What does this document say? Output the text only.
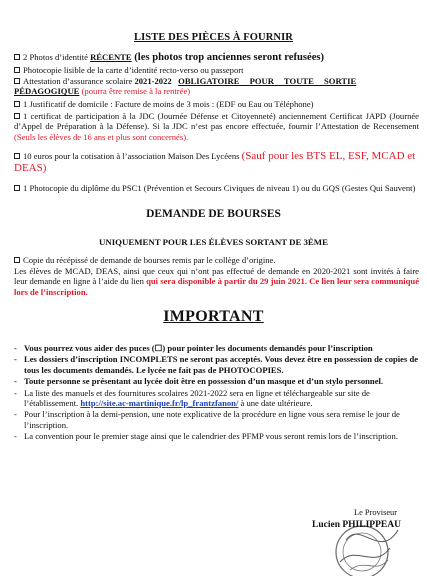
LISTE DES PIÈCES À FOURNIR
2 Photos d’identité RÉCENTE (les photos trop anciennes seront refusées)
Photocopie lisible de la carte d’identité recto-verso ou passeport
Attestation d’assurance scolaire 2021-2022 OBLIGATOIRE POUR TOUTE SORTIE
PÉDAGOGIQUE (pourra être remise à la rentrée)
1 Justificatif de domicile : Facture de moins de 3 mois : (EDF ou Eau ou Téléphone)
1 certificat de participation à la JDC (Journée Défense et Citoyenneté) anciennement Certificat JAPD (Journée d’Appel de Préparation à la Défense). Si la JDC n’est pas encore effectuée, fournir l’Attestation de Recensement (Seuls les élèves de 16 ans et plus sont concernés).
10 euros pour la cotisation à l’association Maison Des Lycéens (Sauf pour les BTS EL, ESF, MCAD et DEAS)
1 Photocopie du diplôme du PSC1 (Prévention et Secours Civiques de niveau 1) ou du GQS (Gestes Qui Sauvent)
DEMANDE DE BOURSES
UNIQUEMENT POUR LES ÉLÈVES SORTANT DE 3ÈME
Copie du récépissé de demande de bourses remis par le collège d’origine.
Les élèves de MCAD, DEAS, ainsi que ceux qui n’ont pas effectué de demande en 2020-2021 sont invités à faire leur demande en ligne à l’aide du lien qui sera disponible à partir du 29 juin 2021. Ce lien leur sera communiqué lors de l’inscription.
IMPORTANT
- Vous pourrez vous aider des puces (☐) pour pointer les documents demandés pour l’inscription
- Les dossiers d’inscription INCOMPLETS ne seront pas acceptés. Vous devez être en possession de copies de tous les documents demandés. Le lycée ne fait pas de PHOTOCOPIES.
- Toute personne se présentant au lycée doit être en possession d’un masque et d’un stylo personnel.
- La liste des manuels et des fournitures scolaires 2021-2022 sera en ligne et téléchargeable sur site de l’établissement. http://site.ac-martinique.fr/lp_frantzfanon/ à une date ultérieure.
- Pour l’inscription à la demi-pension, une note explicative de la procédure en ligne vous sera remise le jour de l’inscription.
- La convention pour le premier stage ainsi que le calendrier des PFMP vous seront remis lors de l’inscription.
Le Proviseur
Lucien PHILIPPEAU
